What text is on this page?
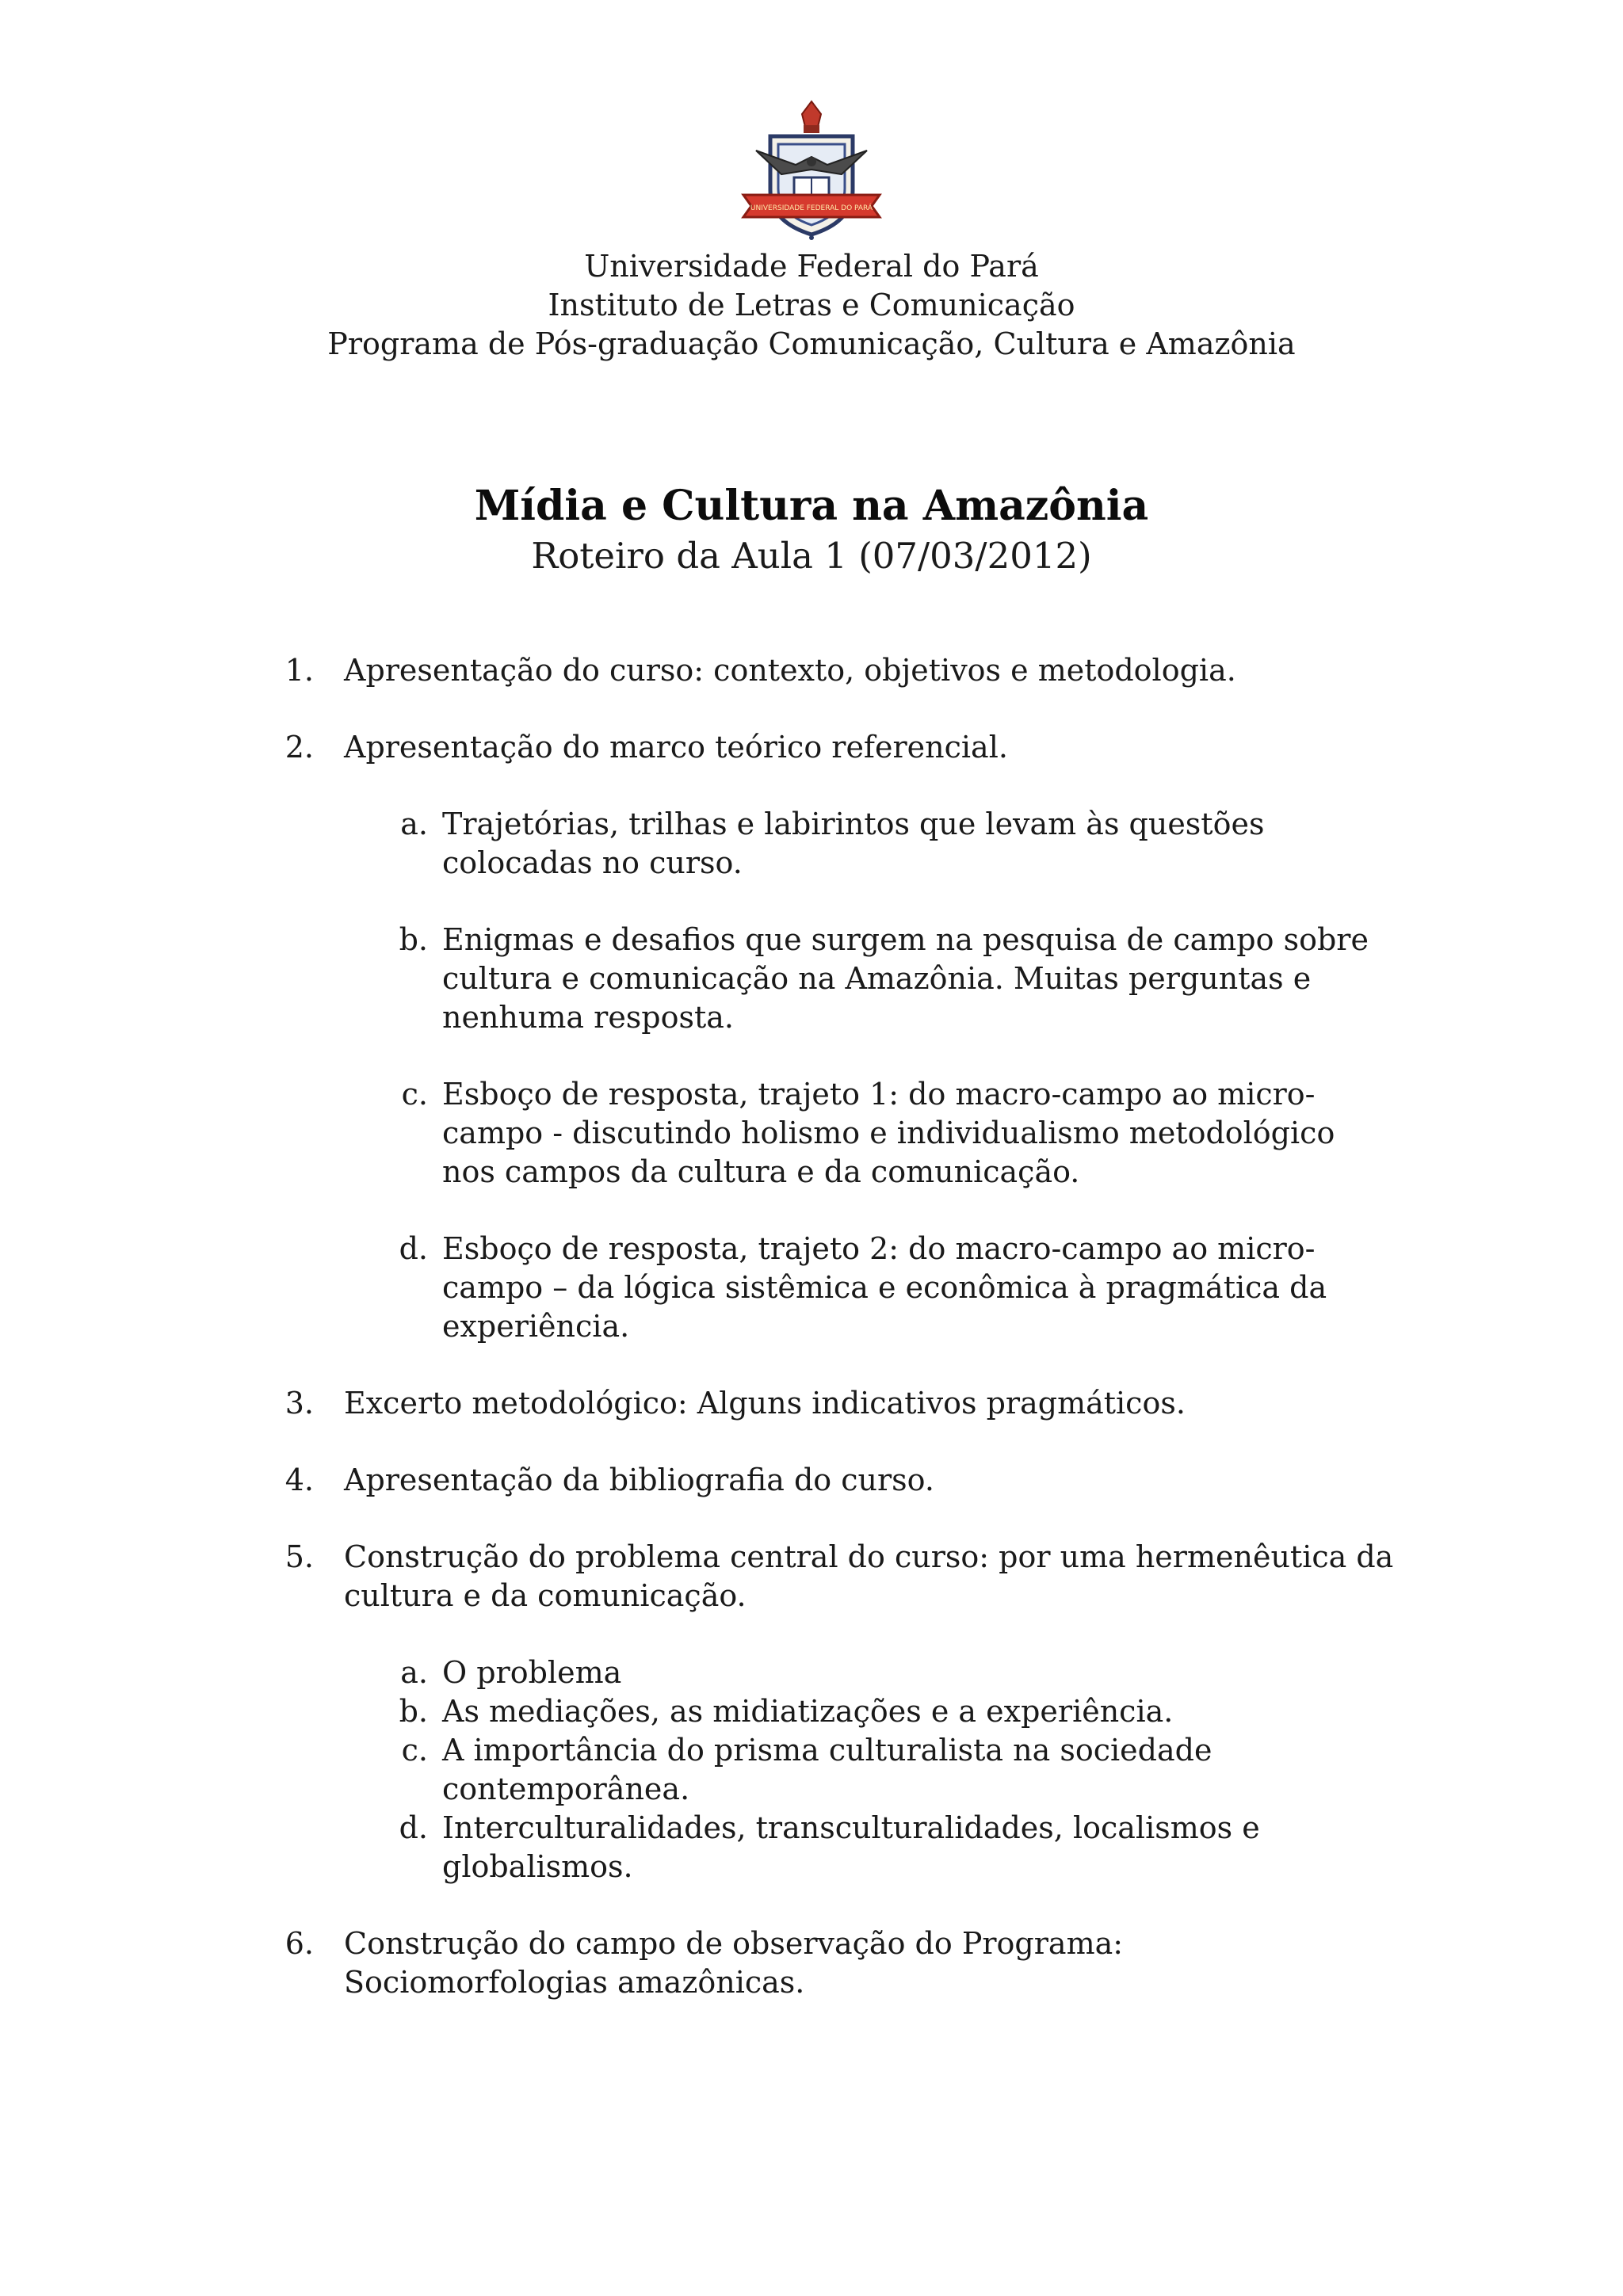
UNIVERSIDADE FEDERAL DO PARÁ
Universidade Federal do Pará
Instituto de Letras e Comunicação
Programa de Pós-graduação Comunicação, Cultura e Amazônia
Mídia e Cultura na Amazônia
Roteiro da Aula 1 (07/03/2012)
1.	Apresentação do curso: contexto, objetivos e metodologia.
2.	Apresentação do marco teórico referencial.
a. Trajetórias, trilhas e labirintos que levam às questões colocadas no curso.
b. Enigmas e desafios que surgem na pesquisa de campo sobre cultura e comunicação na Amazônia. Muitas perguntas e nenhuma resposta.
c. Esboço de resposta, trajeto 1: do macro-campo ao micro-campo - discutindo holismo e individualismo metodológico nos campos da cultura e da comunicação.
d. Esboço de resposta, trajeto 2: do macro-campo ao micro-campo – da lógica sistêmica e econômica à pragmática da experiência.
3.	Excerto metodológico: Alguns indicativos pragmáticos.
4.	Apresentação da bibliografia do curso.
5.	Construção do problema central do curso: por uma hermenêutica da cultura e da comunicação.
a. O problema
b. As mediações, as midiatizações e a experiência.
c. A importância do prisma culturalista na sociedade contemporânea.
d. Interculturalidades, transculturalidades, localismos e globalismos.
6.	Construção do campo de observação do Programa: Sociomorfologias amazônicas.
